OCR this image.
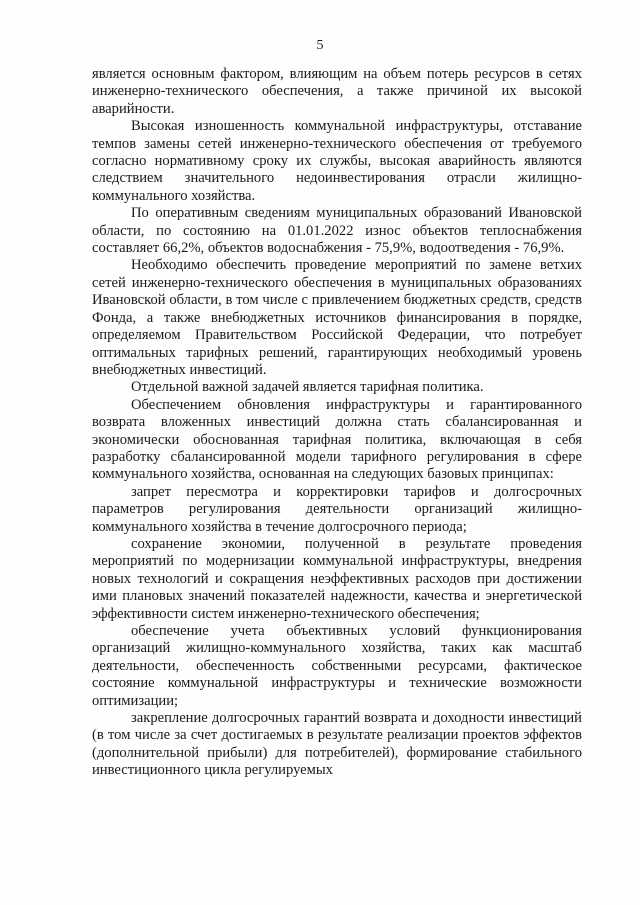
5

является основным фактором, влияющим на объем потерь ресурсов в сетях инженерно-технического обеспечения, а также причиной их высокой аварийности.

Высокая изношенность коммунальной инфраструктуры, отставание темпов замены сетей инженерно-технического обеспечения от требуемого согласно нормативному сроку их службы, высокая аварийность являются следствием значительного недоинвестирования отрасли жилищно-коммунального хозяйства.

По оперативным сведениям муниципальных образований Ивановской области, по состоянию на 01.01.2022 износ объектов теплоснабжения составляет 66,2%, объектов водоснабжения - 75,9%, водоотведения - 76,9%.

Необходимо обеспечить проведение мероприятий по замене ветхих сетей инженерно-технического обеспечения в муниципальных образованиях Ивановской области, в том числе с привлечением бюджетных средств, средств Фонда, а также внебюджетных источников финансирования в порядке, определяемом Правительством Российской Федерации, что потребует оптимальных тарифных решений, гарантирующих необходимый уровень внебюджетных инвестиций.

Отдельной важной задачей является тарифная политика.

Обеспечением обновления инфраструктуры и гарантированного возврата вложенных инвестиций должна стать сбалансированная и экономически обоснованная тарифная политика, включающая в себя разработку сбалансированной модели тарифного регулирования в сфере коммунального хозяйства, основанная на следующих базовых принципах:

запрет пересмотра и корректировки тарифов и долгосрочных параметров регулирования деятельности организаций жилищно-коммунального хозяйства в течение долгосрочного периода;

сохранение экономии, полученной в результате проведения мероприятий по модернизации коммунальной инфраструктуры, внедрения новых технологий и сокращения неэффективных расходов при достижении ими плановых значений показателей надежности, качества и энергетической эффективности систем инженерно-технического обеспечения;

обеспечение учета объективных условий функционирования организаций жилищно-коммунального хозяйства, таких как масштаб деятельности, обеспеченность собственными ресурсами, фактическое состояние коммунальной инфраструктуры и технические возможности оптимизации;

закрепление долгосрочных гарантий возврата и доходности инвестиций (в том числе за счет достигаемых в результате реализации проектов эффектов (дополнительной прибыли) для потребителей), формирование стабильного инвестиционного цикла регулируемых
